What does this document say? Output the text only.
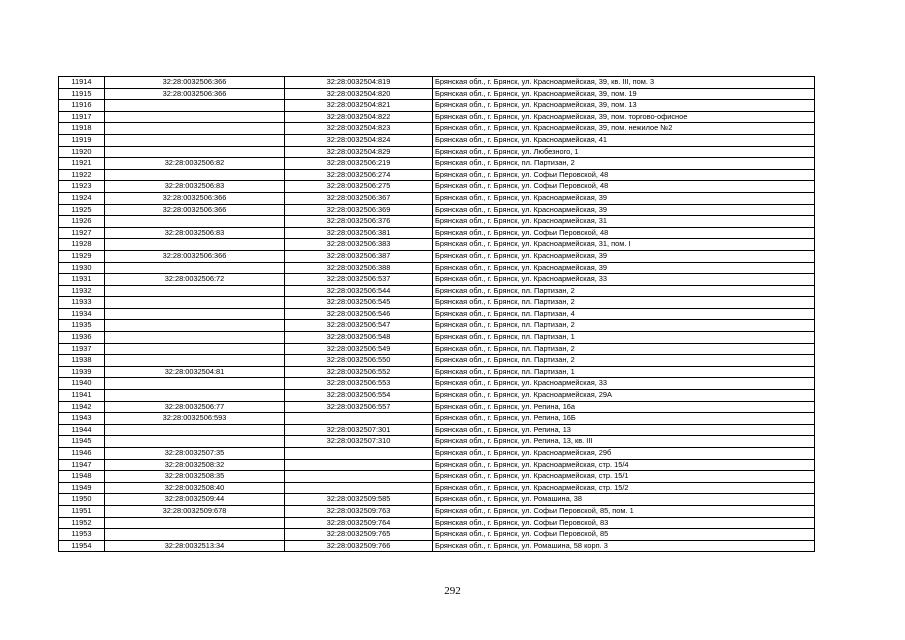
11914	32:28:0032506:366	32:28:0032504:819	Брянская обл., г. Брянск, ул. Красноармейская, 39, кв. III, пом. 3
11915	32:28:0032506:366	32:28:0032504:820	Брянская обл., г. Брянск, ул. Красноармейская, 39, пом. 19
11916		32:28:0032504:821	Брянская обл., г. Брянск, ул. Красноармейская, 39, пом. 13
11917		32:28:0032504:822	Брянская обл., г. Брянск, ул. Красноармейская, 39, пом. торгово-офисное
11918		32:28:0032504:823	Брянская обл., г. Брянск, ул. Красноармейская, 39, пом. нежилое №2
11919		32:28:0032504:824	Брянская обл., г. Брянск, ул. Красноармейская, 41
11920		32:28:0032504:829	Брянская обл., г. Брянск, ул. Любезного, 1
11921	32:28:0032506:82	32:28:0032506:219	Брянская обл., г. Брянск, пл. Партизан, 2
11922		32:28:0032506:274	Брянская обл., г. Брянск, ул. Софьи Перовской, 48
11923	32:28:0032506:83	32:28:0032506:275	Брянская обл., г. Брянск, ул. Софьи Перовской, 48
11924	32:28:0032506:366	32:28:0032506:367	Брянская обл., г. Брянск, ул. Красноармейская, 39
11925	32:28:0032506:366	32:28:0032506:369	Брянская обл., г. Брянск, ул. Красноармейская, 39
11926		32:28:0032506:376	Брянская обл., г. Брянск, ул. Красноармейская, 31
11927	32:28:0032506:83	32:28:0032506:381	Брянская обл., г. Брянск, ул. Софьи Перовской, 48
11928		32:28:0032506:383	Брянская обл., г. Брянск, ул. Красноармейская, 31, пом. I
11929	32:28:0032506:366	32:28:0032506:387	Брянская обл., г. Брянск, ул. Красноармейская, 39
11930		32:28:0032506:388	Брянская обл., г. Брянск, ул. Красноармейская, 39
11931	32:28:0032506:72	32:28:0032506:537	Брянская обл., г. Брянск, ул. Красноармейская, 33
11932		32:28:0032506:544	Брянская обл., г. Брянск, пл. Партизан, 2
11933		32:28:0032506:545	Брянская обл., г. Брянск, пл. Партизан, 2
11934		32:28:0032506:546	Брянская обл., г. Брянск, пл. Партизан, 4
11935		32:28:0032506:547	Брянская обл., г. Брянск, пл. Партизан, 2
11936		32:28:0032506:548	Брянская обл., г. Брянск, пл. Партизан, 1
11937		32:28:0032506:549	Брянская обл., г. Брянск, пл. Партизан, 2
11938		32:28:0032506:550	Брянская обл., г. Брянск, пл. Партизан, 2
11939	32:28:0032504:81	32:28:0032506:552	Брянская обл., г. Брянск, пл. Партизан, 1
11940		32:28:0032506:553	Брянская обл., г. Брянск, ул. Красноармейская, 33
11941		32:28:0032506:554	Брянская обл., г. Брянск, ул. Красноармейская, 29А
11942	32:28:0032506:77	32:28:0032506:557	Брянская обл., г. Брянск, ул. Репина, 16а
11943	32:28:0032506:593		Брянская обл., г. Брянск, ул. Репина, 16Б
11944		32:28:0032507:301	Брянская обл., г. Брянск, ул. Репина, 13
11945		32:28:0032507:310	Брянская обл., г. Брянск, ул. Репина, 13, кв. III
11946	32:28:0032507:35		Брянская обл., г. Брянск, ул. Красноармейская, 29б
11947	32:28:0032508:32		Брянская обл., г. Брянск, ул. Красноармейская, стр. 15/4
11948	32:28:0032508:35		Брянская обл., г. Брянск, ул. Красноармейская, стр. 15/1
11949	32:28:0032508:40		Брянская обл., г. Брянск, ул. Красноармейская, стр. 15/2
11950	32:28:0032509:44	32:28:0032509:585	Брянская обл., г. Брянск, ул. Ромашина, 38
11951	32:28:0032509:678	32:28:0032509:763	Брянская обл., г. Брянск, ул. Софьи Перовской, 85, пом. 1
11952		32:28:0032509:764	Брянская обл., г. Брянск, ул. Софьи Перовской, 83
11953		32:28:0032509:765	Брянская обл., г. Брянск, ул. Софьи Перовской, 85
11954	32:28:0032513:34	32:28:0032509:766	Брянская обл., г. Брянск, ул. Ромашина, 58 корп. 3
292
